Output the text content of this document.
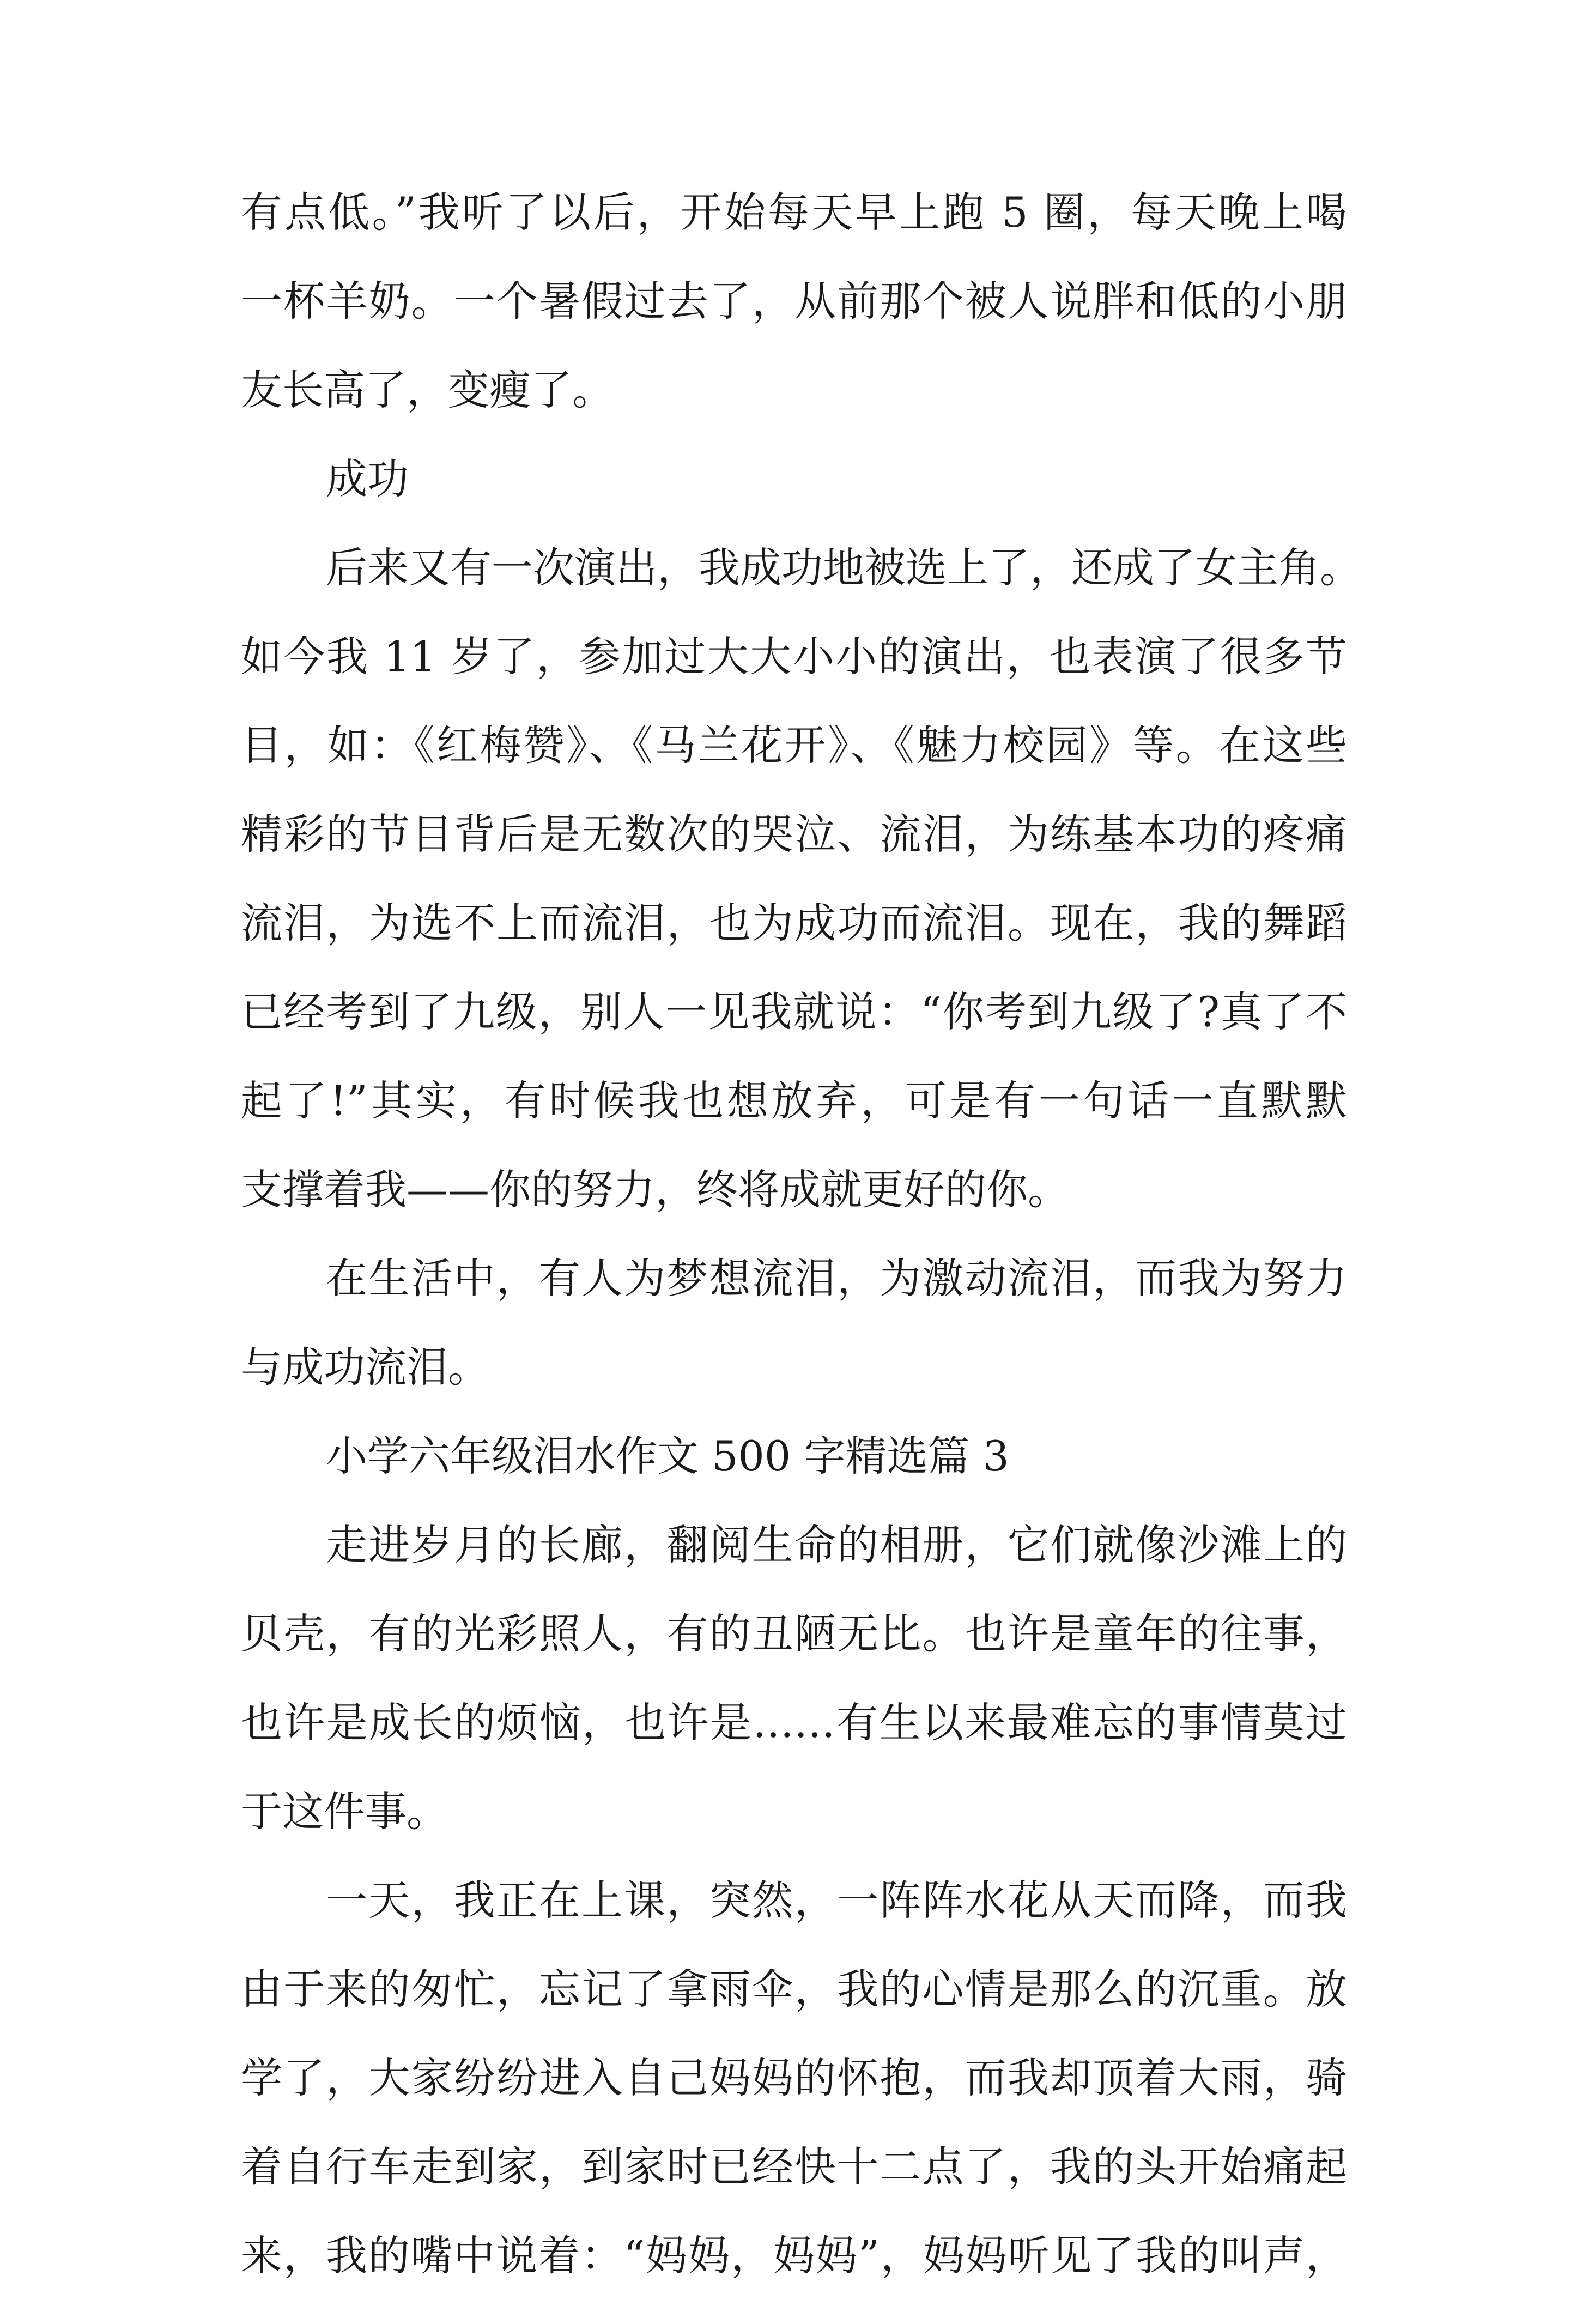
有点低。”我听了以后，开始每天早上跑 5 圈，每天晚上喝
一杯羊奶。一个暑假过去了，从前那个被人说胖和低的小朋
友长高了，变瘦了。
成功
后来又有一次演出，我成功地被选上了，还成了女主角。
如今我 11 岁了，参加过大大小小的演出，也表演了很多节
目，如：《红梅赞》、《马兰花开》、《魅力校园》等。在这些
精彩的节目背后是无数次的哭泣、流泪，为练基本功的疼痛
流泪，为选不上而流泪，也为成功而流泪。现在，我的舞蹈
已经考到了九级，别人一见我就说：“你考到九级了?真了不
起了!”其实，有时候我也想放弃，可是有一句话一直默默
支撑着我——你的努力，终将成就更好的你。
在生活中，有人为梦想流泪，为激动流泪，而我为努力
与成功流泪。
小学六年级泪水作文 500 字精选篇 3
走进岁月的长廊，翻阅生命的相册，它们就像沙滩上的
贝壳，有的光彩照人，有的丑陋无比。也许是童年的往事，
也许是成长的烦恼，也许是……有生以来最难忘的事情莫过
于这件事。
一天，我正在上课，突然，一阵阵水花从天而降，而我
由于来的匆忙，忘记了拿雨伞，我的心情是那么的沉重。放
学了，大家纷纷进入自己妈妈的怀抱，而我却顶着大雨，骑
着自行车走到家，到家时已经快十二点了，我的头开始痛起
来，我的嘴中说着：“妈妈，妈妈”，妈妈听见了我的叫声，
